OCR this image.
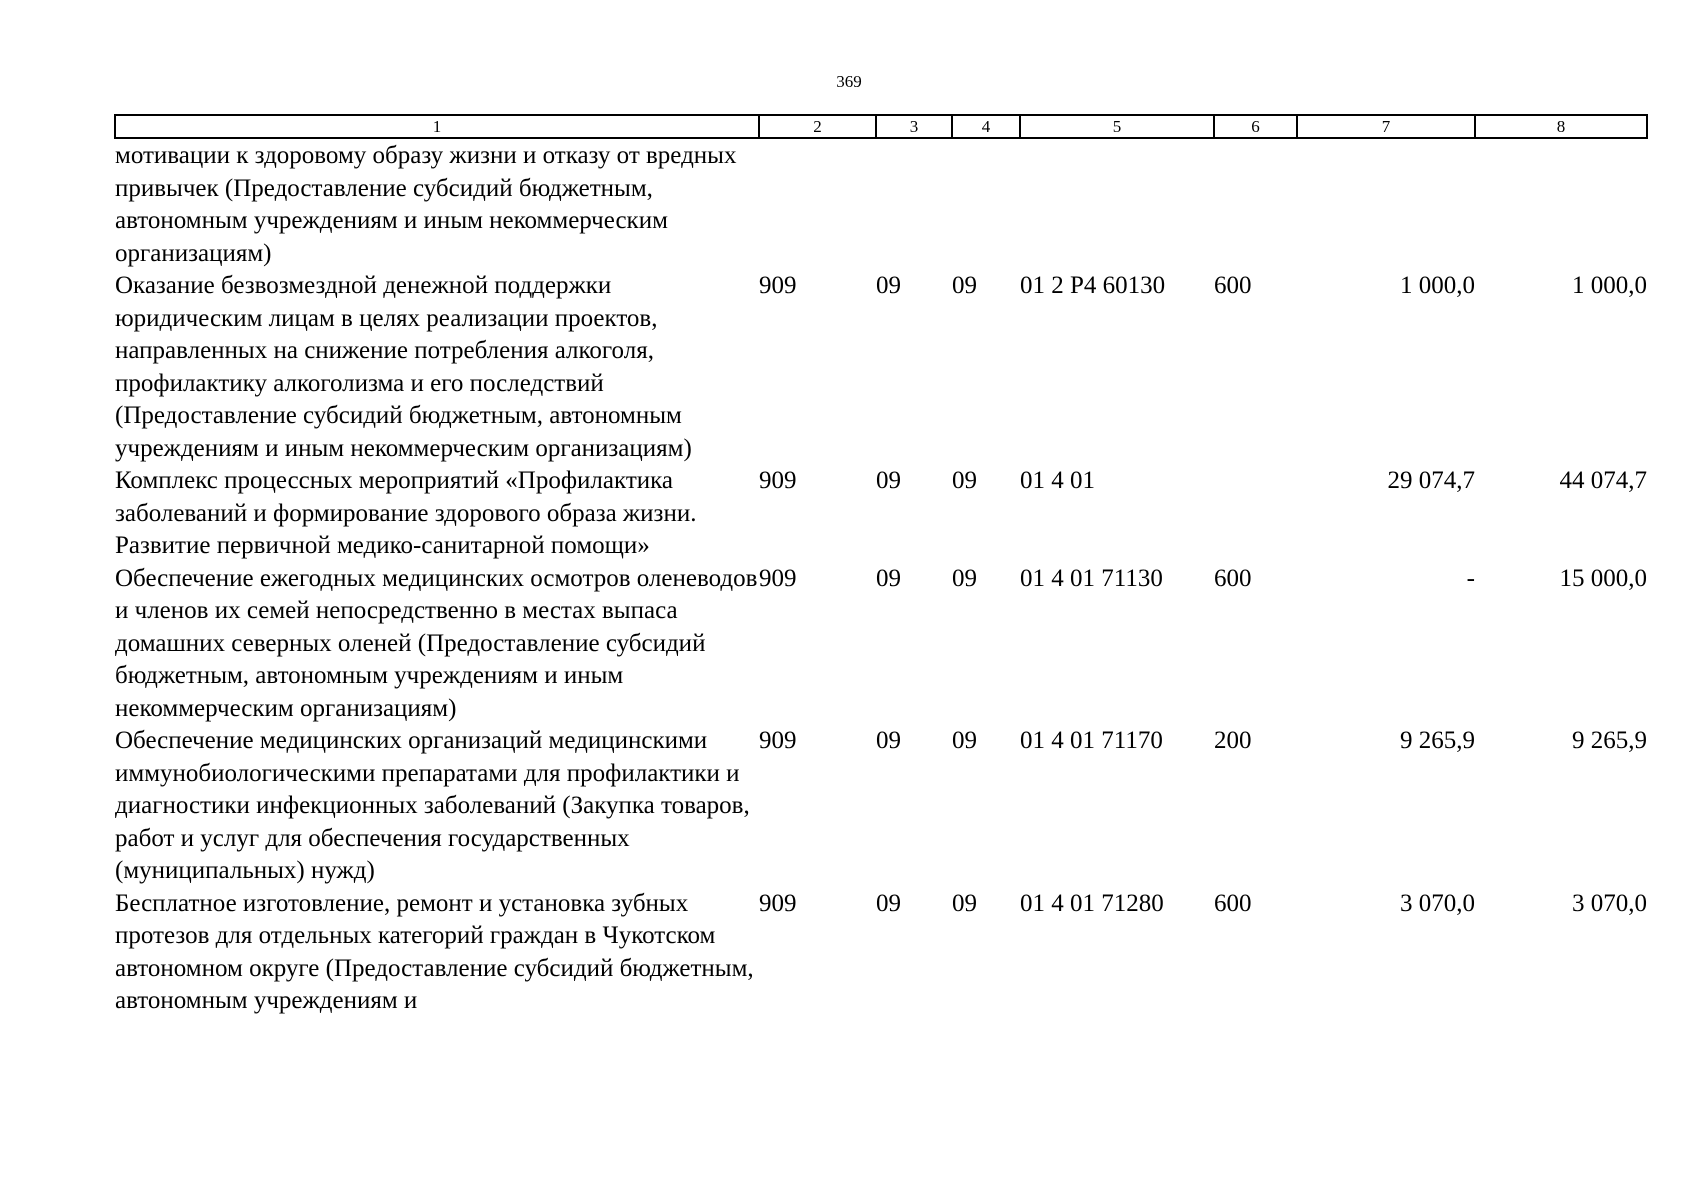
369
1	2	3	4	5	6	7	8
мотивации к здоровому образу жизни и отказу от вредных привычек (Предоставление субсидий бюджетным, автономным учреждениям и иным некоммерческим организациям)							
Оказание безвозмездной денежной поддержки юридическим лицам в целях реализации проектов, направленных на снижение потребления алкоголя, профилактику алкоголизма и его последствий (Предоставление субсидий бюджетным, автономным учреждениям и иным некоммерческим организациям)	909	09	09	01 2 Р4 60130	600	1 000,0	1 000,0
Комплекс процессных мероприятий «Профилактика заболеваний и формирование здорового образа жизни. Развитие первичной медико-санитарной помощи»	909	09	09	01 4 01		29 074,7	44 074,7
Обеспечение ежегодных медицинских осмотров оленеводов и членов их семей непосредственно в местах выпаса домашних северных оленей (Предоставление субсидий бюджетным, автономным учреждениям и иным некоммерческим организациям)	909	09	09	01 4 01 71130	600	-	15 000,0
Обеспечение медицинских организаций медицинскими иммунобиологическими препаратами для профилактики и диагностики инфекционных заболеваний (Закупка товаров, работ и услуг для обеспечения государственных (муниципальных) нужд)	909	09	09	01 4 01 71170	200	9 265,9	9 265,9
Бесплатное изготовление, ремонт и установка зубных протезов для отдельных категорий граждан в Чукотском автономном округе (Предоставление субсидий бюджетным, автономным учреждениям и	909	09	09	01 4 01 71280	600	3 070,0	3 070,0
